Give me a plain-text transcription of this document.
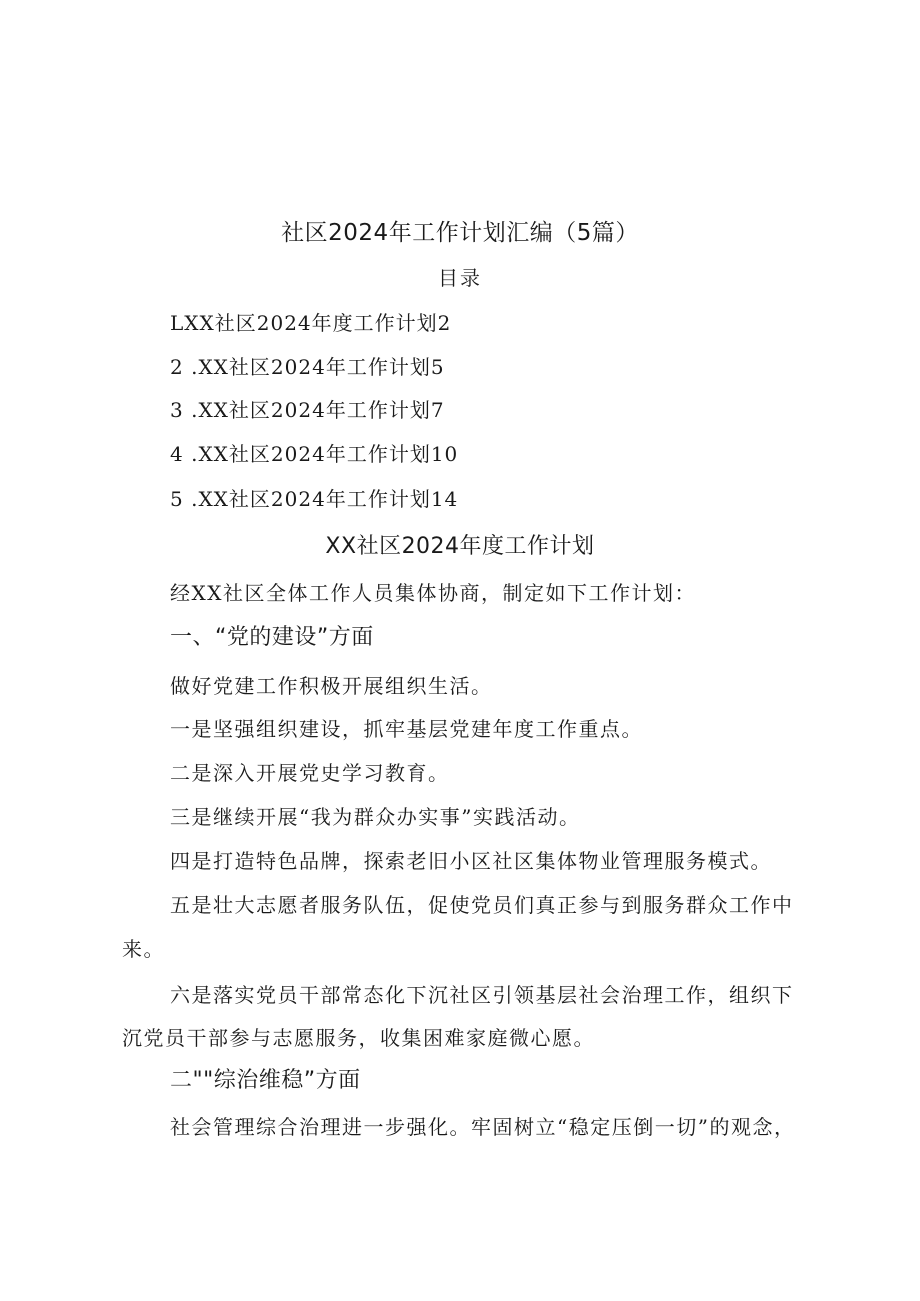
社区2024年工作计划汇编（5篇）
目录
LXX社区2024年度工作计划2
2 .XX社区2024年工作计划5
3 .XX社区2024年工作计划7
4 .XX社区2024年工作计划10
5 .XX社区2024年工作计划14
XX社区2024年度工作计划
经XX社区全体工作人员集体协商，制定如下工作计划：
一、“党的建设”方面
做好党建工作积极开展组织生活。
一是坚强组织建设，抓牢基层党建年度工作重点。
二是深入开展党史学习教育。
三是继续开展“我为群众办实事”实践活动。
四是打造特色品牌，探索老旧小区社区集体物业管理服务模式。
五是壮大志愿者服务队伍，促使党员们真正参与到服务群众工作中
来。
六是落实党员干部常态化下沉社区引领基层社会治理工作，组织下
沉党员干部参与志愿服务，收集困难家庭微心愿。
二""综治维稳”方面
社会管理综合治理进一步强化。牢固树立“稳定压倒一切”的观念，
